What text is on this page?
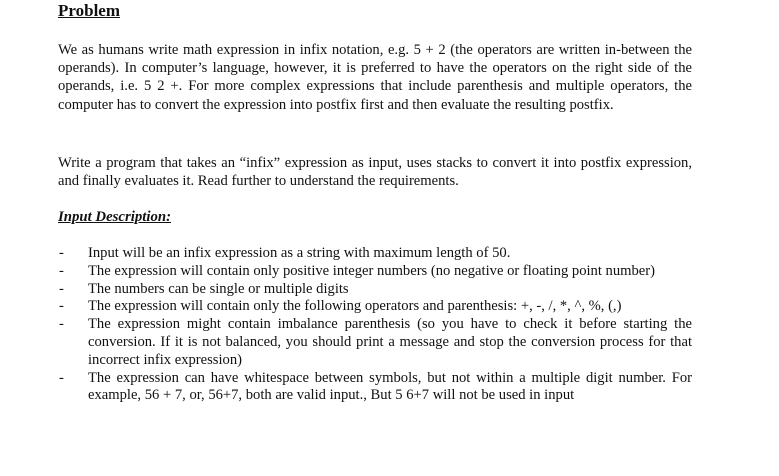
Problem

We as humans write math expression in infix notation, e.g. 5 + 2 (the operators are written in-between the operands). In computer’s language, however, it is preferred to have the operators on the right side of the operands, i.e. 5 2 +. For more complex expressions that include parenthesis and multiple operators, the computer has to convert the expression into postfix first and then evaluate the resulting postfix.

Write a program that takes an “infix” expression as input, uses stacks to convert it into postfix expression, and finally evaluates it. Read further to understand the requirements.

Input Description:
- Input will be an infix expression as a string with maximum length of 50.
- The expression will contain only positive integer numbers (no negative or floating point number)
- The numbers can be single or multiple digits
- The expression will contain only the following operators and parenthesis: +, -, /, *, ^, %, (,)
- The expression might contain imbalance parenthesis (so you have to check it before starting the conversion. If it is not balanced, you should print a message and stop the conversion process for that incorrect infix expression)
- The expression can have whitespace between symbols, but not within a multiple digit number. For example, 56 + 7, or, 56+7, both are valid input., But 5 6+7 will not be used in input
